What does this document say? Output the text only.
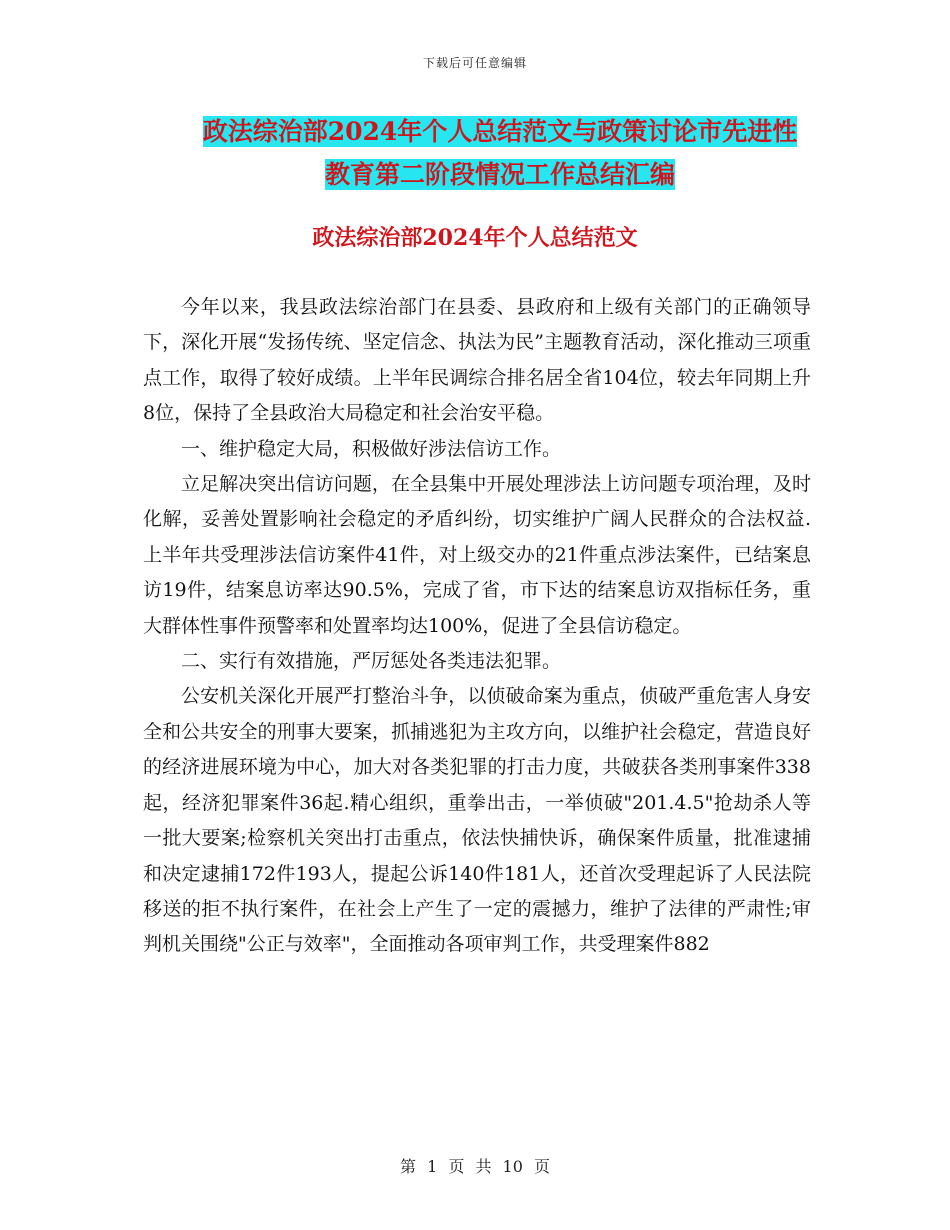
下载后可任意编辑
政法综治部2024年个人总结范文与政策讨论市先进性
教育第二阶段情况工作总结汇编
政法综治部2024年个人总结范文

今年以来，我县政法综治部门在县委、县政府和上级有关部门的正确领导下，深化开展“发扬传统、坚定信念、执法为民”主题教育活动，深化推动三项重点工作，取得了较好成绩。上半年民调综合排名居全省104位，较去年同期上升8位，保持了全县政治大局稳定和社会治安平稳。

一、维护稳定大局，积极做好涉法信访工作。

立足解决突出信访问题，在全县集中开展处理涉法上访问题专项治理，及时化解，妥善处置影响社会稳定的矛盾纠纷，切实维护广阔人民群众的合法权益.上半年共受理涉法信访案件41件，对上级交办的21件重点涉法案件，已结案息访19件，结案息访率达90.5%，完成了省，市下达的结案息访双指标任务，重大群体性事件预警率和处置率均达100%，促进了全县信访稳定。

二、实行有效措施，严厉惩处各类违法犯罪。

公安机关深化开展严打整治斗争，以侦破命案为重点，侦破严重危害人身安全和公共安全的刑事大要案，抓捕逃犯为主攻方向，以维护社会稳定，营造良好的经济进展环境为中心，加大对各类犯罪的打击力度，共破获各类刑事案件338起，经济犯罪案件36起.精心组织，重拳出击，一举侦破"201.4.5"抢劫杀人等一批大要案;检察机关突出打击重点，依法快捕快诉，确保案件质量，批准逮捕和决定逮捕172件193人，提起公诉140件181人，还首次受理起诉了人民法院移送的拒不执行案件，在社会上产生了一定的震撼力，维护了法律的严肃性;审判机关围绕"公正与效率"，全面推动各项审判工作，共受理案件882

第 1 页 共 10 页
